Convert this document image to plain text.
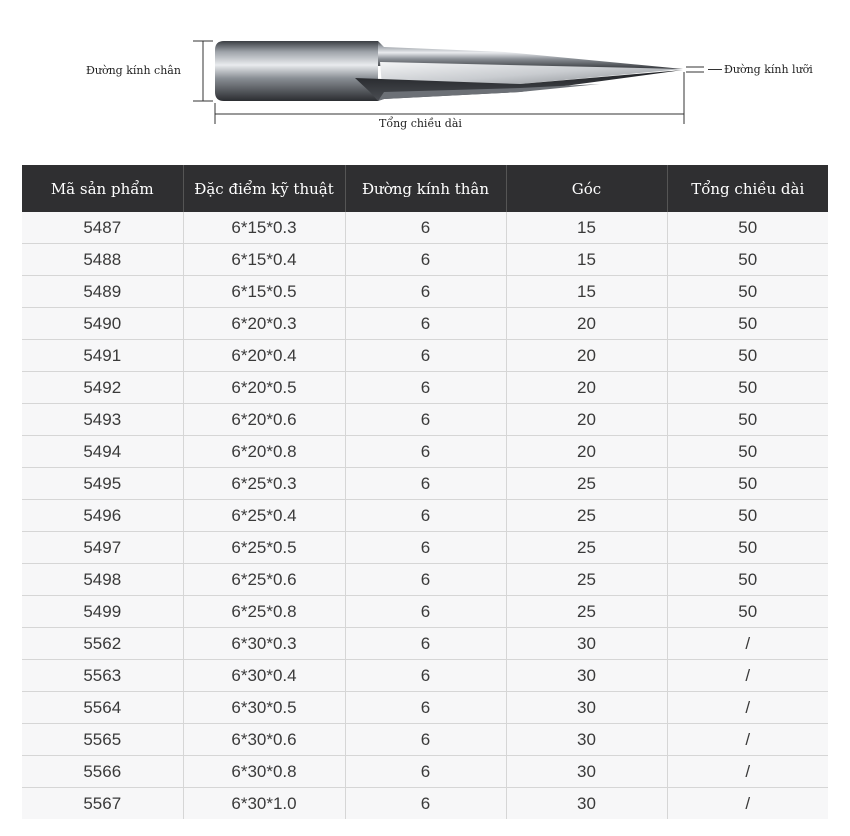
Đường kính chân	Đường kính lưỡi
Tổng chiều dài
Mã sản phẩm	Đặc điểm kỹ thuật	Đường kính thân	Góc	Tổng chiều dài
5487	6*15*0.3	6	15	50
5488	6*15*0.4	6	15	50
5489	6*15*0.5	6	15	50
5490	6*20*0.3	6	20	50
5491	6*20*0.4	6	20	50
5492	6*20*0.5	6	20	50
5493	6*20*0.6	6	20	50
5494	6*20*0.8	6	20	50
5495	6*25*0.3	6	25	50
5496	6*25*0.4	6	25	50
5497	6*25*0.5	6	25	50
5498	6*25*0.6	6	25	50
5499	6*25*0.8	6	25	50
5562	6*30*0.3	6	30	/
5563	6*30*0.4	6	30	/
5564	6*30*0.5	6	30	/
5565	6*30*0.6	6	30	/
5566	6*30*0.8	6	30	/
5567	6*30*1.0	6	30	/
